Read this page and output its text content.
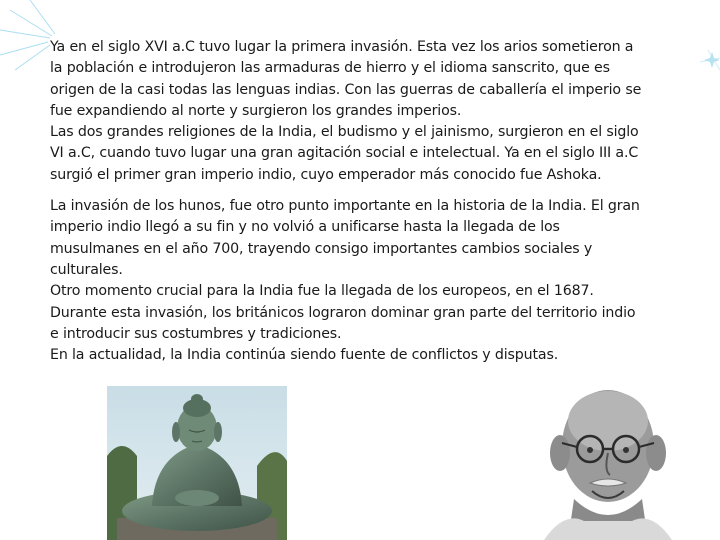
Ya en el siglo XVI a.C tuvo lugar la primera invasión. Esta vez los arios sometieron a
la población e introdujeron las armaduras de hierro y el idioma sanscrito, que es
origen de la casi todas las lenguas indias. Con las guerras de caballería el imperio se
fue expandiendo al norte y surgieron los grandes imperios.
Las dos grandes religiones de la India, el budismo y el jainismo, surgieron en el siglo
VI a.C, cuando tuvo lugar una gran agitación social e intelectual. Ya en el siglo III a.C
surgió el primer gran imperio indio, cuyo emperador más conocido fue Ashoka.

La invasión de los hunos, fue otro punto importante en la historia de la India. El gran
imperio indio llegó a su fin y no volvió a unificarse hasta la llegada de los
musulmanes en el año 700, trayendo consigo importantes cambios sociales y
culturales.
Otro momento crucial para la India fue la llegada de los europeos, en el 1687.
Durante esta invasión, los británicos lograron dominar gran parte del territorio indio
e introducir sus costumbres y tradiciones.
En la actualidad, la India continúa siendo fuente de conflictos y disputas.
